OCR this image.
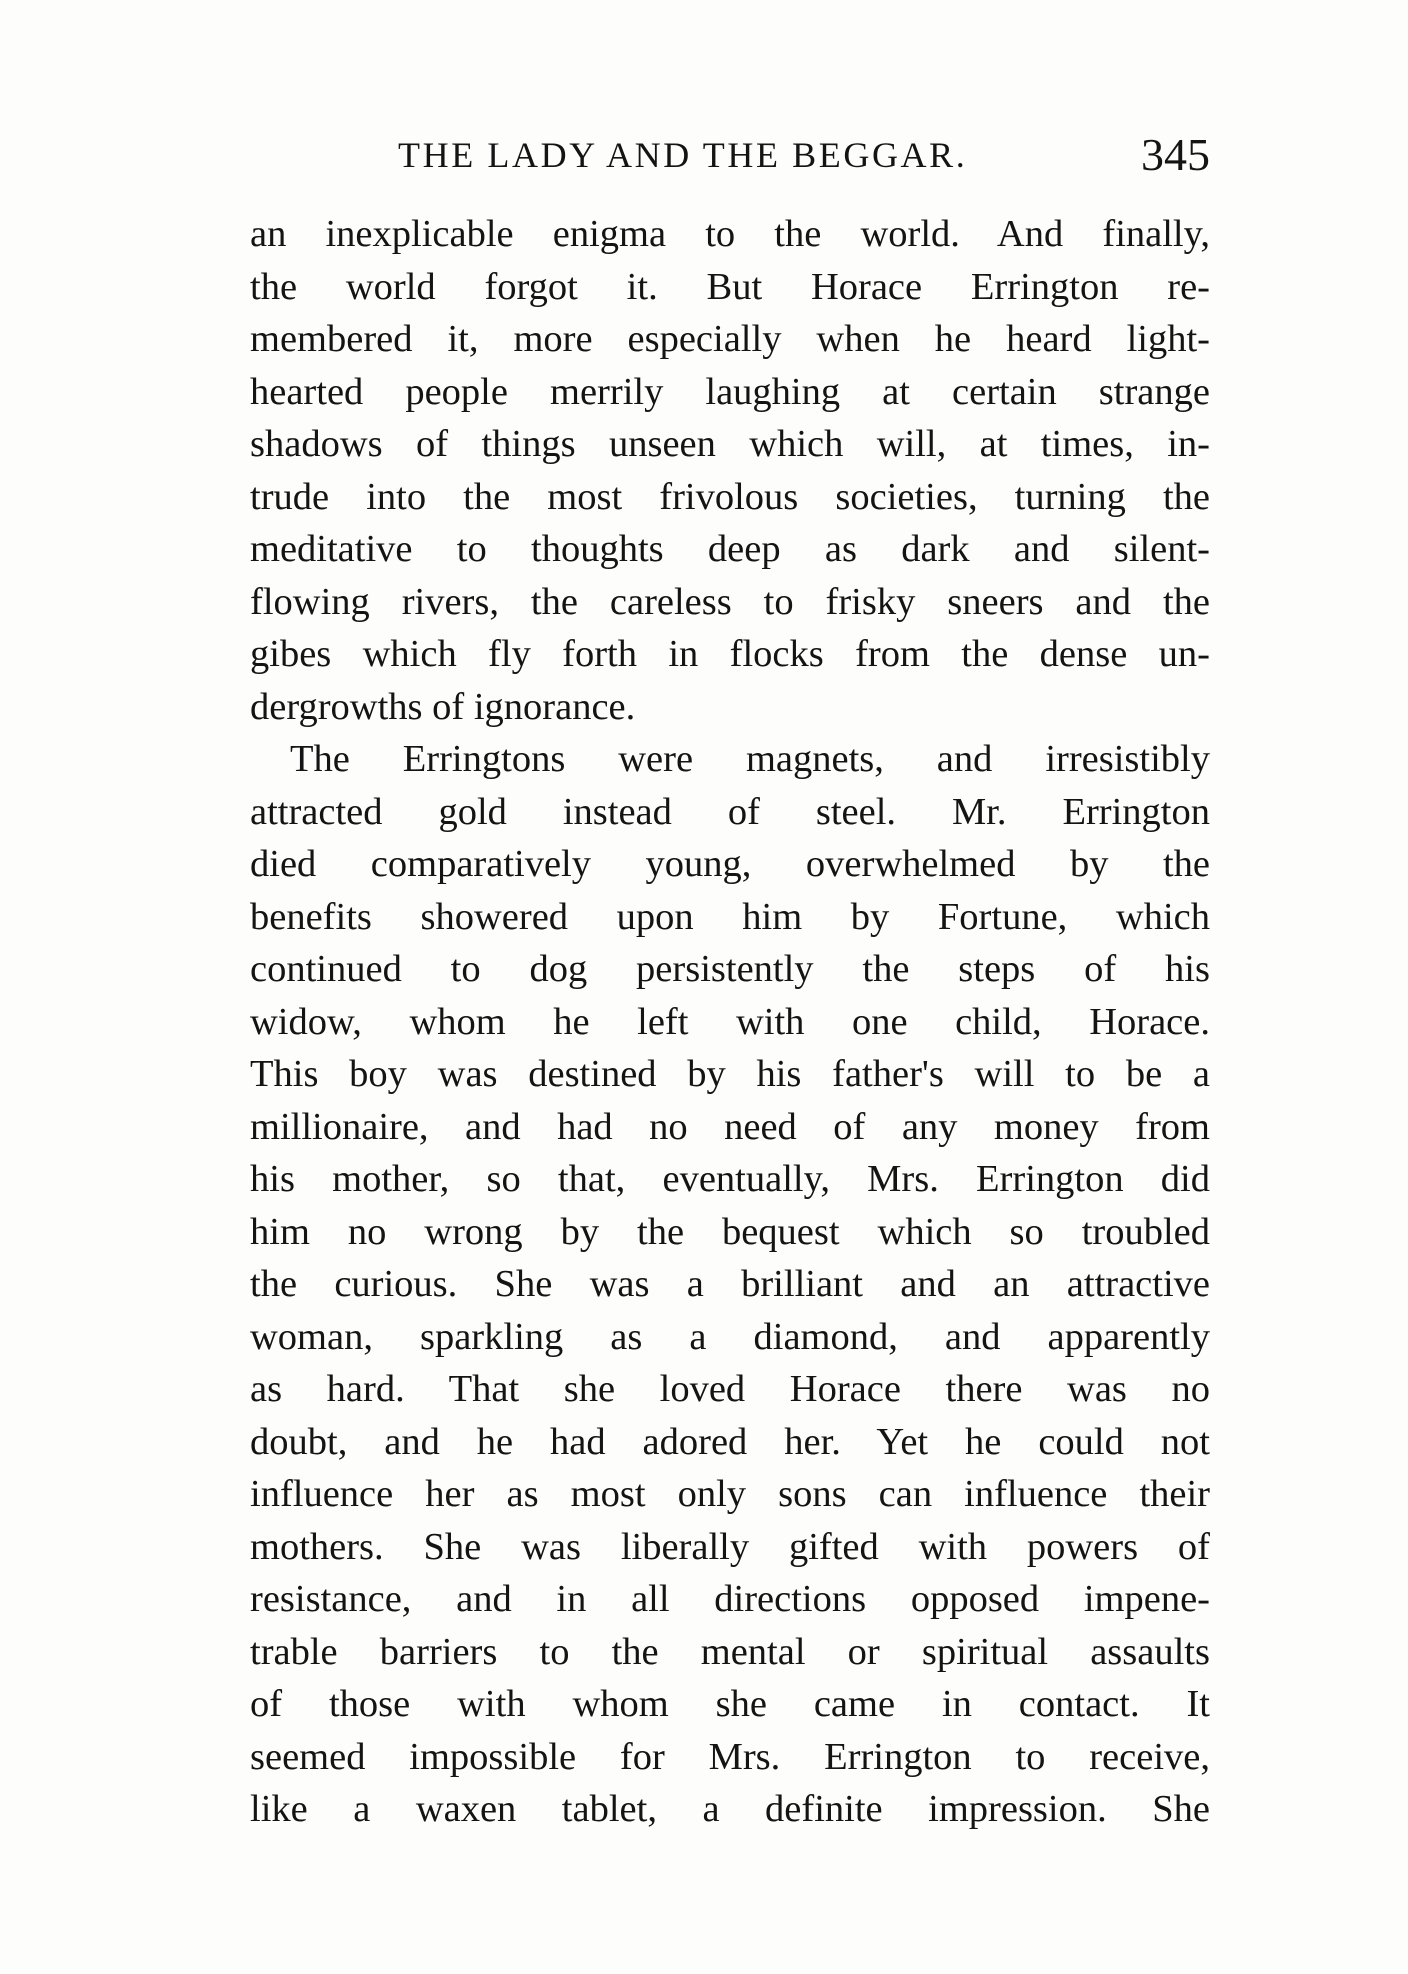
THE LADY AND THE BEGGAR.	345
an inexplicable enigma to the world. And finally,
the world forgot it. But Horace Errington re-
membered it, more especially when he heard light-
hearted people merrily laughing at certain strange
shadows of things unseen which will, at times, in-
trude into the most frivolous societies, turning the
meditative to thoughts deep as dark and silent-
flowing rivers, the careless to frisky sneers and the
gibes which fly forth in flocks from the dense un-
dergrowths of ignorance.
The Erringtons were magnets, and irresistibly
attracted gold instead of steel. Mr. Errington
died comparatively young, overwhelmed by the
benefits showered upon him by Fortune, which
continued to dog persistently the steps of his
widow, whom he left with one child, Horace.
This boy was destined by his father's will to be a
millionaire, and had no need of any money from
his mother, so that, eventually, Mrs. Errington did
him no wrong by the bequest which so troubled
the curious. She was a brilliant and an attractive
woman, sparkling as a diamond, and apparently
as hard. That she loved Horace there was no
doubt, and he had adored her. Yet he could not
influence her as most only sons can influence their
mothers. She was liberally gifted with powers of
resistance, and in all directions opposed impene-
trable barriers to the mental or spiritual assaults
of those with whom she came in contact. It
seemed impossible for Mrs. Errington to receive,
like a waxen tablet, a definite impression. She
